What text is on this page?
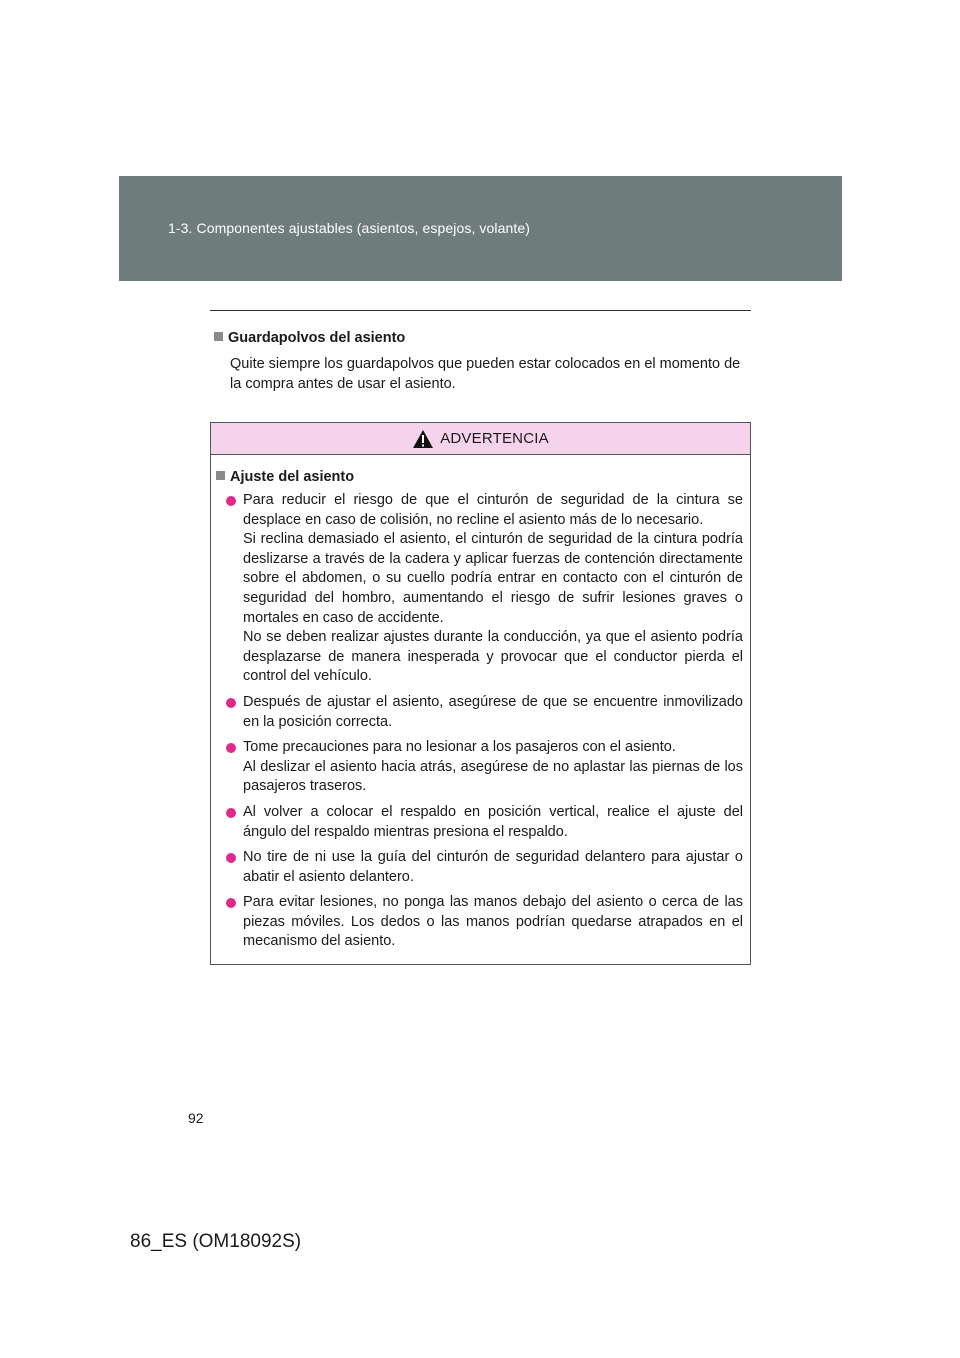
1-3. Componentes ajustables (asientos, espejos, volante)
Guardapolvos del asiento
Quite siempre los guardapolvos que pueden estar colocados en el momento de la compra antes de usar el asiento.
ADVERTENCIA
Ajuste del asiento

Para reducir el riesgo de que el cinturón de seguridad de la cintura se desplace en caso de colisión, no recline el asiento más de lo necesario.

Si reclina demasiado el asiento, el cinturón de seguridad de la cintura podría deslizarse a través de la cadera y aplicar fuerzas de contención directamente sobre el abdomen, o su cuello podría entrar en contacto con el cinturón de seguridad del hombro, aumentando el riesgo de sufrir lesiones graves o mortales en caso de accidente.

No se deben realizar ajustes durante la conducción, ya que el asiento podría desplazarse de manera inesperada y provocar que el conductor pierda el control del vehículo.

Después de ajustar el asiento, asegúrese de que se encuentre inmovilizado en la posición correcta.

Tome precauciones para no lesionar a los pasajeros con el asiento.

Al deslizar el asiento hacia atrás, asegúrese de no aplastar las piernas de los pasajeros traseros.

Al volver a colocar el respaldo en posición vertical, realice el ajuste del ángulo del respaldo mientras presiona el respaldo.

No tire de ni use la guía del cinturón de seguridad delantero para ajustar o abatir el asiento delantero.

Para evitar lesiones, no ponga las manos debajo del asiento o cerca de las piezas móviles. Los dedos o las manos podrían quedarse atrapados en el mecanismo del asiento.

92
86_ES (OM18092S)
